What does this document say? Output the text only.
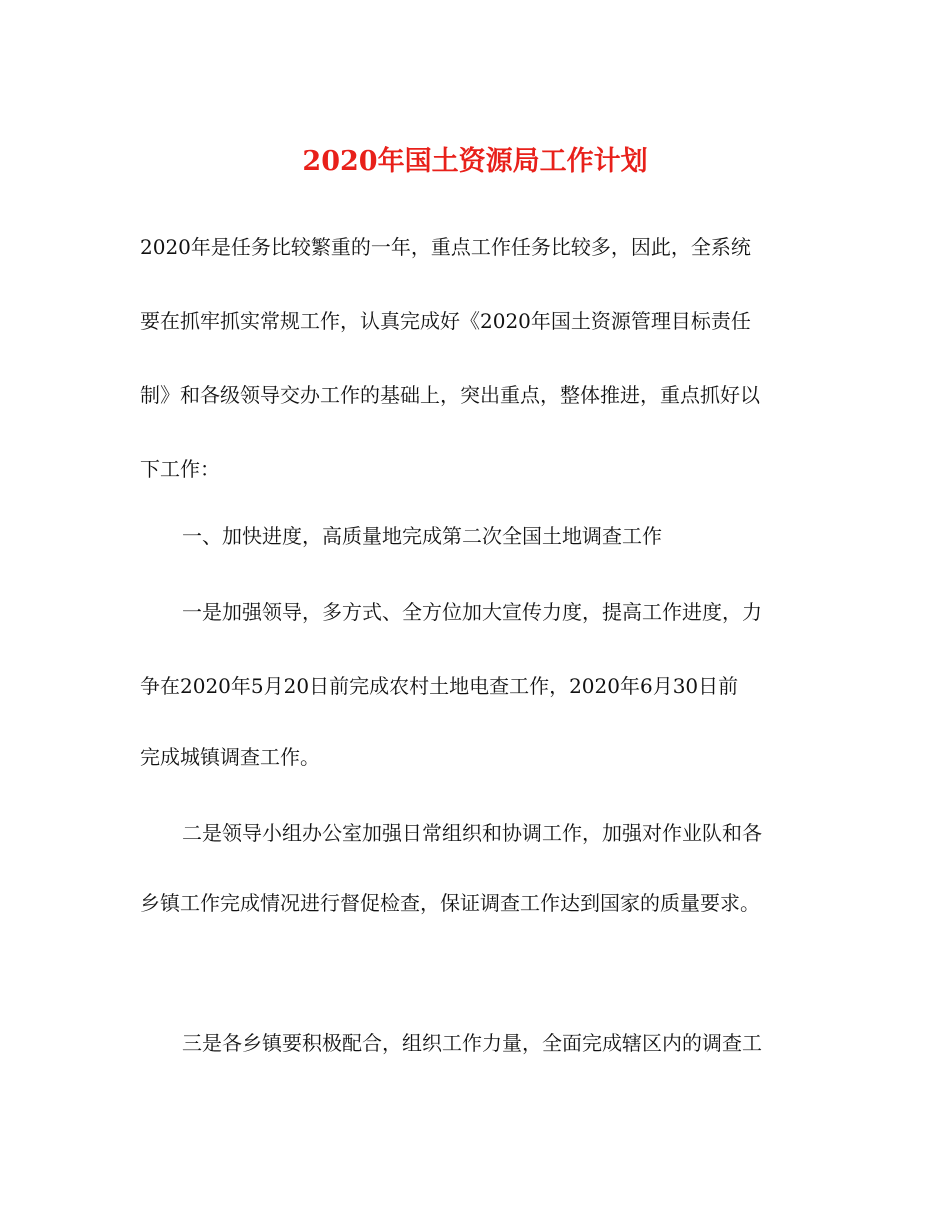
2020年国土资源局工作计划

2020年是任务比较繁重的一年，重点工作任务比较多，因此，全系统

要在抓牢抓实常规工作，认真完成好《2020年国土资源管理目标责任

制》和各级领导交办工作的基础上，突出重点，整体推进，重点抓好以

下工作：

一、加快进度，高质量地完成第二次全国土地调查工作

一是加强领导，多方式、全方位加大宣传力度，提高工作进度，力

争在2020年5月20日前完成农村土地电查工作，2020年6月30日前

完成城镇调查工作。

二是领导小组办公室加强日常组织和协调工作，加强对作业队和各

乡镇工作完成情况进行督促检查，保证调查工作达到国家的质量要求。

三是各乡镇要积极配合，组织工作力量，全面完成辖区内的调查工
